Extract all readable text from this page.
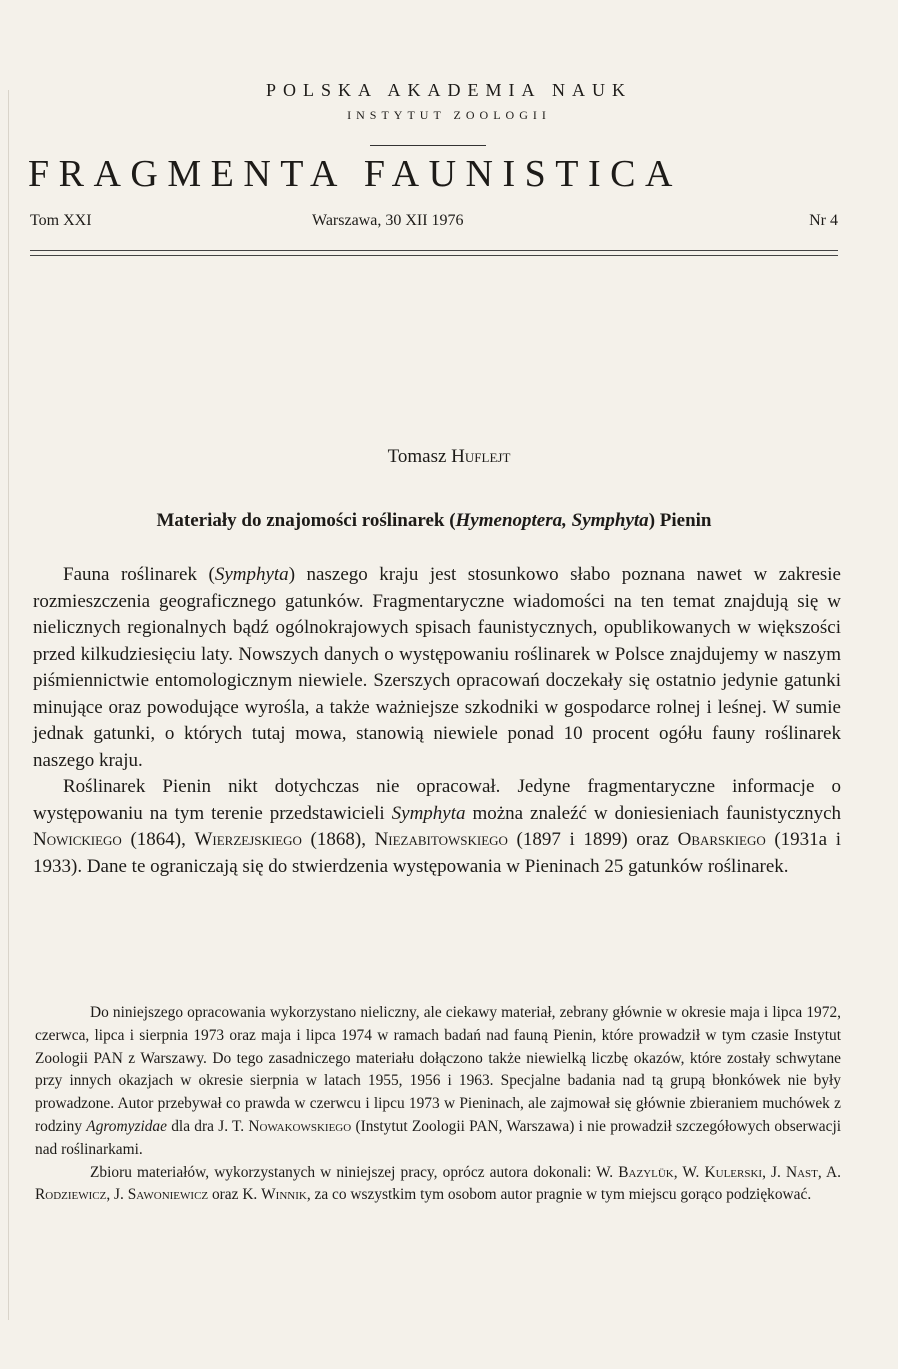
POLSKA AKADEMIA NAUK
INSTYTUT ZOOLOGII
FRAGMENTA FAUNISTICA
Tom XXI	Warszawa, 30 XII 1976	Nr 4
Tomasz Huflejt
Materiały do znajomości roślinarek (Hymenoptera, Symphyta) Pienin

Fauna roślinarek (Symphyta) naszego kraju jest stosunkowo słabo poznana nawet w zakresie rozmieszczenia geograficznego gatunków. Fragmentaryczne wiadomości na ten temat znajdują się w nielicznych regionalnych bądź ogólnokrajowych spisach faunistycznych, opublikowanych w większości przed kilkudziesięciu laty. Nowszych danych o występowaniu roślinarek w Polsce znajdujemy w naszym piśmiennictwie entomologicznym niewiele. Szerszych opracowań doczekały się ostatnio jedynie gatunki minujące oraz powodujące wyrośla, a także ważniejsze szkodniki w gospodarce rolnej i leśnej. W sumie jednak gatunki, o których tutaj mowa, stanowią niewiele ponad 10 procent ogółu fauny roślinarek naszego kraju.

Roślinarek Pienin nikt dotychczas nie opracował. Jedyne fragmentaryczne informacje o występowaniu na tym terenie przedstawicieli Symphyta można znaleźć w doniesieniach faunistycznych Nowickiego (1864), Wierzejskiego (1868), Niezabitowskiego (1897 i 1899) oraz Obarskiego (1931a i 1933). Dane te ograniczają się do stwierdzenia występowania w Pieninach 25 gatunków roślinarek.

Do niniejszego opracowania wykorzystano nieliczny, ale ciekawy materiał, zebrany głównie w okresie maja i lipca 1972, czerwca, lipca i sierpnia 1973 oraz maja i lipca 1974 w ramach badań nad fauną Pienin, które prowadził w tym czasie Instytut Zoologii PAN z Warszawy. Do tego zasadniczego materiału dołączono także niewielką liczbę okazów, które zostały schwytane przy innych okazjach w okresie sierpnia w latach 1955, 1956 i 1963. Specjalne badania nad tą grupą błonkówek nie były prowadzone. Autor przebywał co prawda w czerwcu i lipcu 1973 w Pieninach, ale zajmował się głównie zbieraniem muchówek z rodziny Agromyzidae dla dra J. T. Nowakowskiego (Instytut Zoologii PAN, Warszawa) i nie prowadził szczegółowych obserwacji nad roślinarkami.

Zbioru materiałów, wykorzystanych w niniejszej pracy, oprócz autora dokonali: W. Bazylük, W. Kulerski, J. Nast, A. Rodziewicz, J. Sawoniewicz oraz K. Winnik, za co wszystkim tym osobom autor pragnie w tym miejscu gorąco podziękować.
